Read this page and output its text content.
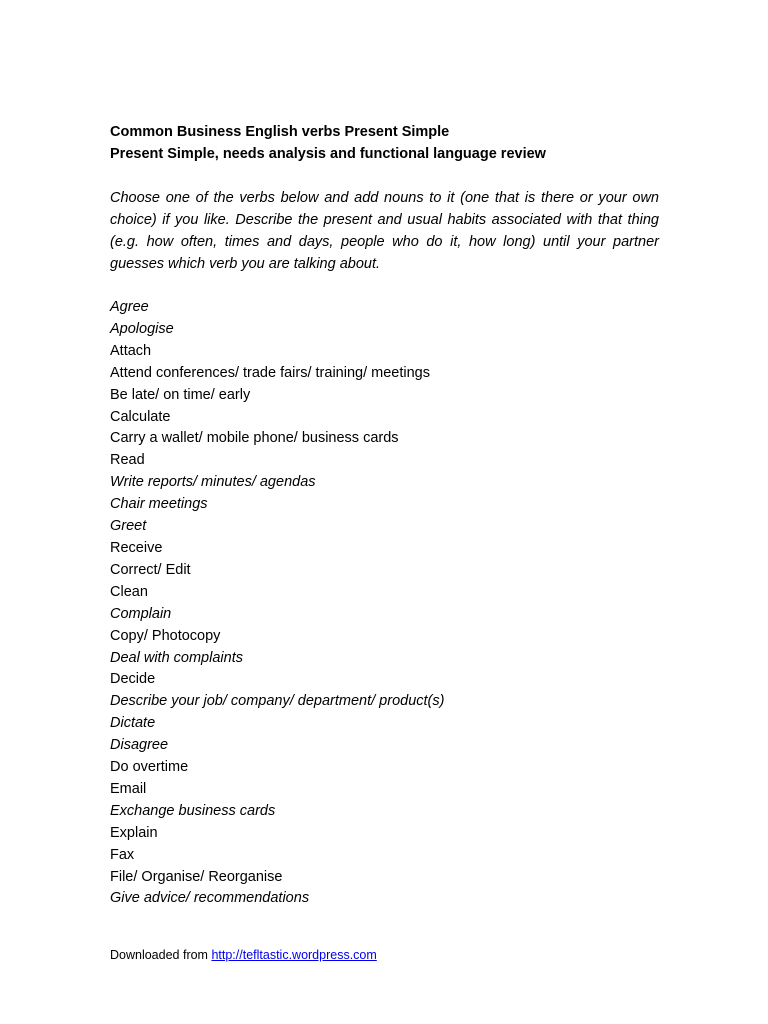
Common Business English verbs Present Simple

Present Simple, needs analysis and functional language review

Choose one of the verbs below and add nouns to it (one that is there or your own choice) if you like. Describe the present and usual habits associated with that thing (e.g. how often, times and days, people who do it, how long) until your partner guesses which verb you are talking about.

Agree
Apologise
Attach
Attend conferences/ trade fairs/ training/ meetings
Be late/ on time/ early
Calculate
Carry a wallet/ mobile phone/ business cards
Read
Write reports/ minutes/ agendas
Chair meetings
Greet
Receive
Correct/ Edit
Clean
Complain
Copy/ Photocopy
Deal with complaints
Decide
Describe your job/ company/ department/ product(s)
Dictate
Disagree
Do overtime
Email
Exchange business cards
Explain
Fax
File/ Organise/ Reorganise
Give advice/ recommendations
Downloaded from http://tefltastic.wordpress.com
